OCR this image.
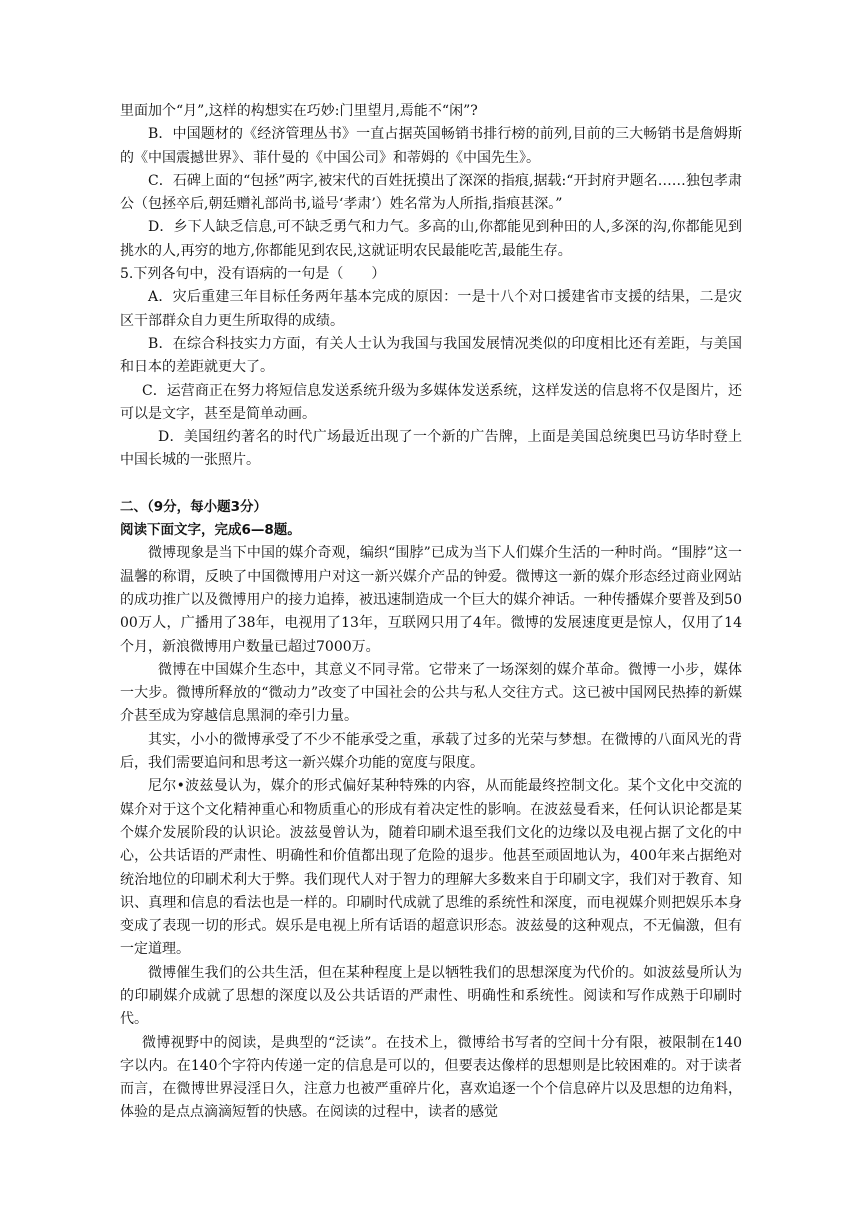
里面加个“月”,这样的构想实在巧妙:门里望月,焉能不“闲”?

B．中国题材的《经济管理丛书》一直占据英国畅销书排行榜的前列,目前的三大畅销书是詹姆斯的《中国震撼世界》、菲什曼的《中国公司》和蒂姆的《中国先生》。

C．石碑上面的“包拯”两字,被宋代的百姓抚摸出了深深的指痕,据载:“开封府尹题名……独包孝肃公（包拯卒后,朝廷赠礼部尚书,谥号‘孝肃’）姓名常为人所指,指痕甚深。”

D．乡下人缺乏信息,可不缺乏勇气和力气。多高的山,你都能见到种田的人,多深的沟,你都能见到挑水的人,再穷的地方,你都能见到农民,这就证明农民最能吃苦,最能生存。

5.下列各句中，没有语病的一句是（　　）

A．灾后重建三年目标任务两年基本完成的原因：一是十八个对口援建省市支援的结果，二是灾区干部群众自力更生所取得的成绩。

B．在综合科技实力方面，有关人士认为我国与我国发展情况类似的印度相比还有差距，与美国和日本的差距就更大了。

C．运营商正在努力将短信息发送系统升级为多媒体发送系统，这样发送的信息将不仅是图片，还可以是文字，甚至是简单动画。

D．美国纽约著名的时代广场最近出现了一个新的广告牌，上面是美国总统奥巴马访华时登上中国长城的一张照片。

二、（9分，每小题3分）

阅读下面文字，完成6—8题。

微博现象是当下中国的媒介奇观，编织“围脖”已成为当下人们媒介生活的一种时尚。“围脖”这一温馨的称谓，反映了中国微博用户对这一新兴媒介产品的钟爱。微博这一新的媒介形态经过商业网站的成功推广以及微博用户的接力追捧，被迅速制造成一个巨大的媒介神话。一种传播媒介要普及到5000万人，广播用了38年，电视用了13年，互联网只用了4年。微博的发展速度更是惊人，仅用了14个月，新浪微博用户数量已超过7000万。

微博在中国媒介生态中，其意义不同寻常。它带来了一场深刻的媒介革命。微博一小步，媒体一大步。微博所释放的“微动力”改变了中国社会的公共与私人交往方式。这已被中国网民热捧的新媒介甚至成为穿越信息黑洞的牵引力量。

其实，小小的微博承受了不少不能承受之重，承载了过多的光荣与梦想。在微博的八面风光的背后，我们需要追问和思考这一新兴媒介功能的宽度与限度。

尼尔•波兹曼认为，媒介的形式偏好某种特殊的内容，从而能最终控制文化。某个文化中交流的媒介对于这个文化精神重心和物质重心的形成有着决定性的影响。在波兹曼看来，任何认识论都是某个媒介发展阶段的认识论。波兹曼曾认为，随着印刷术退至我们文化的边缘以及电视占据了文化的中心，公共话语的严肃性、明确性和价值都出现了危险的退步。他甚至顽固地认为，400年来占据绝对统治地位的印刷术利大于弊。我们现代人对于智力的理解大多数来自于印刷文字，我们对于教育、知识、真理和信息的看法也是一样的。印刷时代成就了思维的系统性和深度，而电视媒介则把娱乐本身变成了表现一切的形式。娱乐是电视上所有话语的超意识形态。波兹曼的这种观点，不无偏激，但有一定道理。

微博催生我们的公共生活，但在某种程度上是以牺牲我们的思想深度为代价的。如波兹曼所认为的印刷媒介成就了思想的深度以及公共话语的严肃性、明确性和系统性。阅读和写作成熟于印刷时代。

微博视野中的阅读，是典型的“泛读”。在技术上，微博给书写者的空间十分有限，被限制在140字以内。在140个字符内传递一定的信息是可以的，但要表达像样的思想则是比较困难的。对于读者而言，在微博世界浸淫日久，注意力也被严重碎片化，喜欢追逐一个个信息碎片以及思想的边角料，体验的是点点滴滴短暂的快感。在阅读的过程中，读者的感觉
